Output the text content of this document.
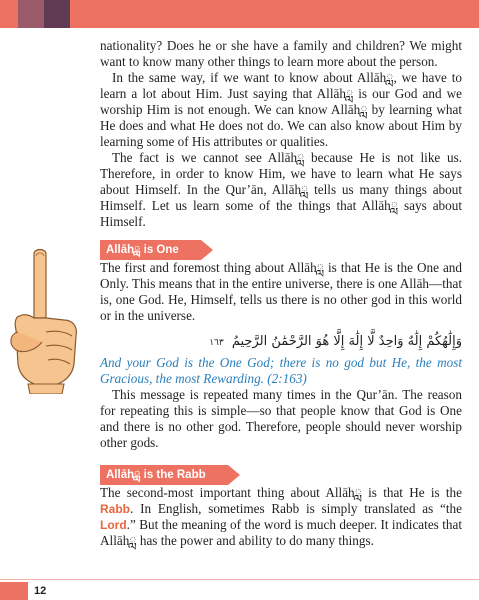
nationality? Does he or she have a family and children? We might want to know many other things to learn more about the person.

In the same way, if we want to know about Allāhླ, we have to learn a lot about Him. Just saying that Allāhླ is our God and we worship Him is not enough. We can know Allāhླ by learning what He does and what He does not do. We can also know about Him by learning some of His attributes or qualities.

The fact is we cannot see Allāhླ because He is not like us. Therefore, in order to know Him, we have to learn what He says about Himself. In the Qur’ān, Allāhླ tells us many things about Himself. Let us learn some of the things that Allāhླ says about Himself.

Allāhླ is One

The first and foremost thing about Allāhླ is that He is the One and Only. This means that in the entire universe, there is one Allāh—that is, one God. He, Himself, tells us there is no other god in this world or in the universe.

وَإِلَٰهُكُمْ إِلَٰهٌ وَاحِدٌ لَّا إِلَٰهَ إِلَّا هُوَ الرَّحْمَٰنُ الرَّحِيمُ ١٦٣

And your God is the One God; there is no god but He, the most Gracious, the most Rewarding. (2:163)

This message is repeated many times in the Qur’ān. The reason for repeating this is simple—so that people know that God is One and there is no other god. Therefore, people should never worship other gods.

Allāhླ is the Rabb

The second-most important thing about Allāhླ is that He is the Rabb. In English, sometimes Rabb is simply translated as “the Lord.” But the meaning of the word is much deeper. It indicates that Allāhླ has the power and ability to do many things.

12
